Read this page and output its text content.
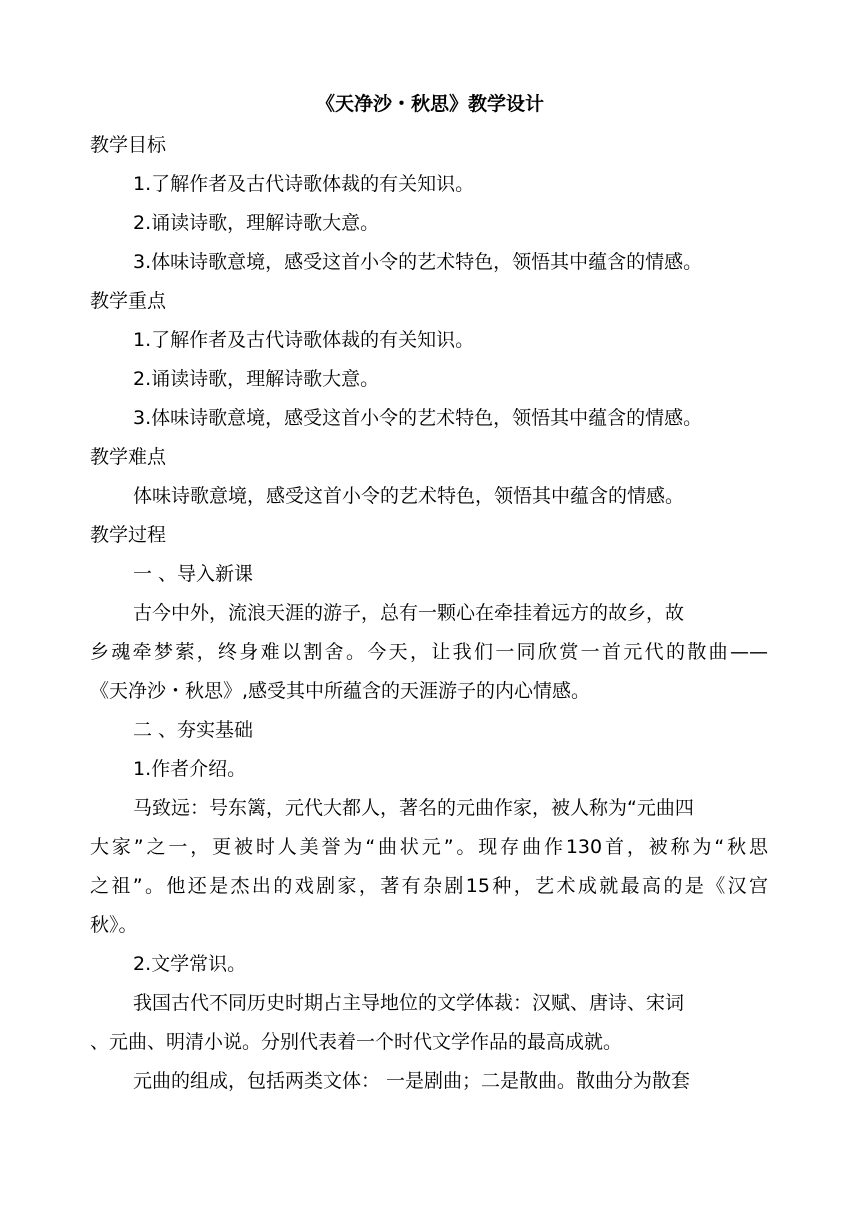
《天净沙・秋思》教学设计
教学目标
1.了解作者及古代诗歌体裁的有关知识。
2.诵读诗歌，理解诗歌大意。
3.体味诗歌意境，感受这首小令的艺术特色，领悟其中蕴含的情感。
教学重点
1.了解作者及古代诗歌体裁的有关知识。
2.诵读诗歌，理解诗歌大意。
3.体味诗歌意境，感受这首小令的艺术特色，领悟其中蕴含的情感。
教学难点
体味诗歌意境，感受这首小令的艺术特色，领悟其中蕴含的情感。
教学过程
一 、导入新课
古今中外，流浪天涯的游子，总有一颗心在牵挂着远方的故乡，故
乡魂牵梦萦，终身难以割舍。今天，让我们一同欣赏一首元代的散曲——
《天净沙・秋思》,感受其中所蕴含的天涯游子的内心情感。
二 、夯实基础
1.作者介绍。
马致远：号东篱，元代大都人，著名的元曲作家，被人称为“元曲四
大家”之一，更被时人美誉为“曲状元”。现存曲作130首，被称为“秋思
之祖”。他还是杰出的戏剧家，著有杂剧15种，艺术成就最高的是《汉宫
秋》。
2.文学常识。
我国古代不同历史时期占主导地位的文学体裁：汉赋、唐诗、宋词
、元曲、明清小说。分别代表着一个时代文学作品的最高成就。
元曲的组成，包括两类文体： 一是剧曲；二是散曲。散曲分为散套
